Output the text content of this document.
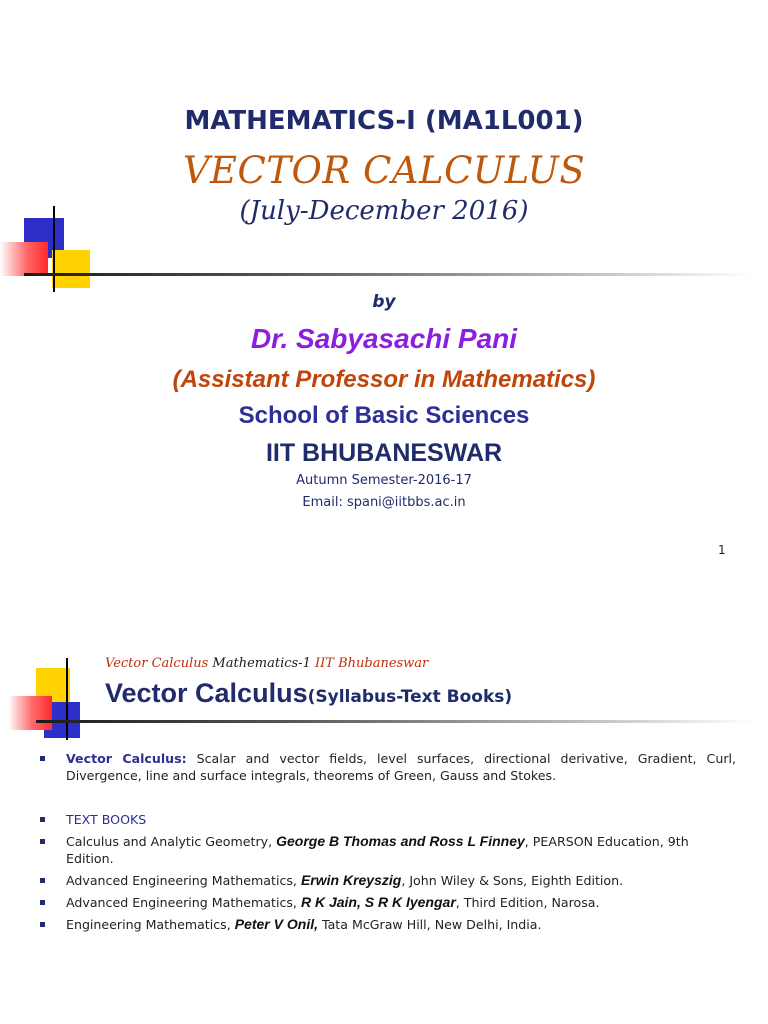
MATHEMATICS-I (MA1L001)

VECTOR CALCULUS

(July-December 2016)

by

Dr. Sabyasachi Pani

(Assistant Professor in Mathematics)

School of Basic Sciences

IIT BHUBANESWAR

Autumn Semester-2016-17

Email: spani@iitbbs.ac.in

1

Vector Calculus Mathematics-1 IIT Bhubaneswar

Vector Calculus(Syllabus-Text Books)

Vector Calculus: Scalar and vector fields, level surfaces, directional derivative, Gradient, Curl, Divergence, line and surface integrals, theorems of Green, Gauss and Stokes.
TEXT BOOKS
Calculus and Analytic Geometry, George B Thomas and Ross L Finney, PEARSON Education, 9th Edition.
Advanced Engineering Mathematics, Erwin Kreyszig, John Wiley & Sons, Eighth Edition.
Advanced Engineering Mathematics, R K Jain, S R K Iyengar, Third Edition, Narosa.
Engineering Mathematics, Peter V Onil, Tata McGraw Hill, New Delhi, India.
